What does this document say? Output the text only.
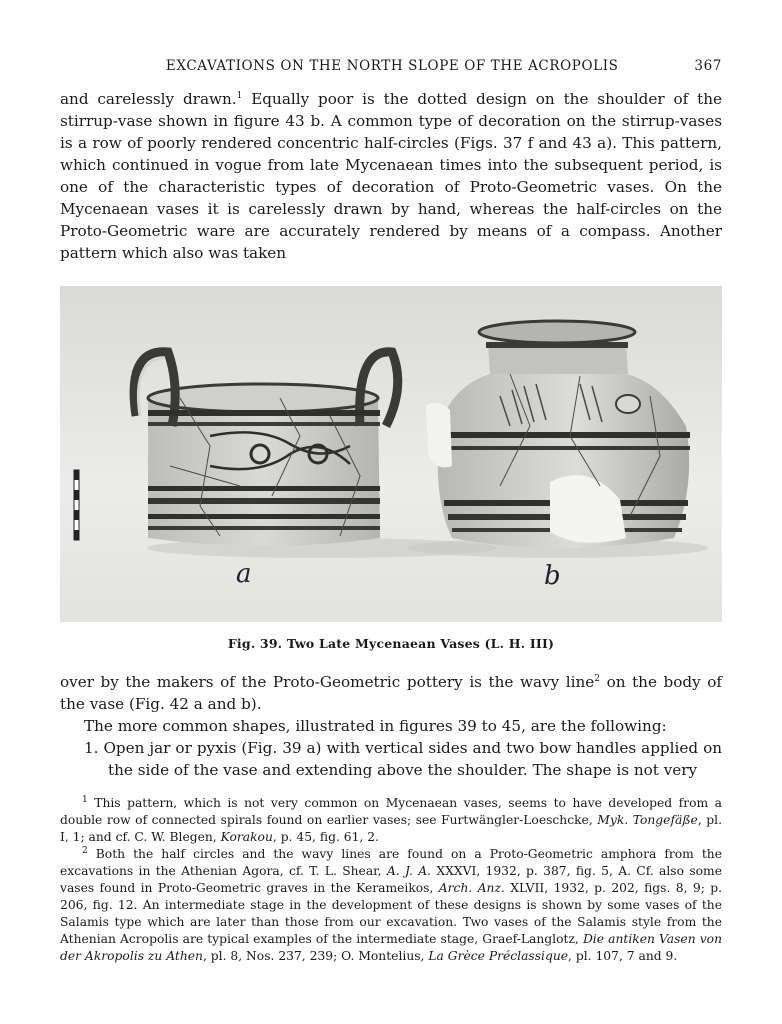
EXCAVATIONS ON THE NORTH SLOPE OF THE ACROPOLIS	367

and carelessly drawn.$^1$ Equally poor is the dotted design on the shoulder of the stirrup-vase shown in figure 43 b. A common type of decoration on the stirrup-vases is a row of poorly rendered concentric half-circles (Figs. 37 f and 43 a). This pattern, which continued in vogue from late Mycenaean times into the subsequent period, is one of the characteristic types of decoration of Proto-Geometric vases. On the Mycenaean vases it is carelessly drawn by hand, whereas the half-circles on the Proto-Geometric ware are accurately rendered by means of a compass. Another pattern which also was taken

a	b
Fig. 39. Two Late Mycenaean Vases (L. H. III)

over by the makers of the Proto-Geometric pottery is the wavy line$^2$ on the body of the vase (Fig. 42 a and b).

The more common shapes, illustrated in figures 39 to 45, are the following:

1. Open jar or pyxis (Fig. 39 a) with vertical sides and two bow handles applied on the side of the vase and extending above the shoulder. The shape is not very

$^1$ This pattern, which is not very common on Mycenaean vases, seems to have developed from a double row of connected spirals found on earlier vases; see Furtwängler-Loeschcke, Myk. Tongefäße, pl. I, 1; and cf. C. W. Blegen, Korakou, p. 45, fig. 61, 2.

$^2$ Both the half circles and the wavy lines are found on a Proto-Geometric amphora from the excavations in the Athenian Agora, cf. T. L. Shear, A. J. A. XXXVI, 1932, p. 387, fig. 5, A. Cf. also some vases found in Proto-Geometric graves in the Kerameikos, Arch. Anz. XLVII, 1932, p. 202, figs. 8, 9; p. 206, fig. 12. An intermediate stage in the development of these designs is shown by some vases of the Salamis type which are later than those from our excavation. Two vases of the Salamis style from the Athenian Acropolis are typical examples of the intermediate stage, Graef-Langlotz, Die antiken Vasen von der Akropolis zu Athen, pl. 8, Nos. 237, 239; O. Montelius, La Grèce Préclassique, pl. 107, 7 and 9.
